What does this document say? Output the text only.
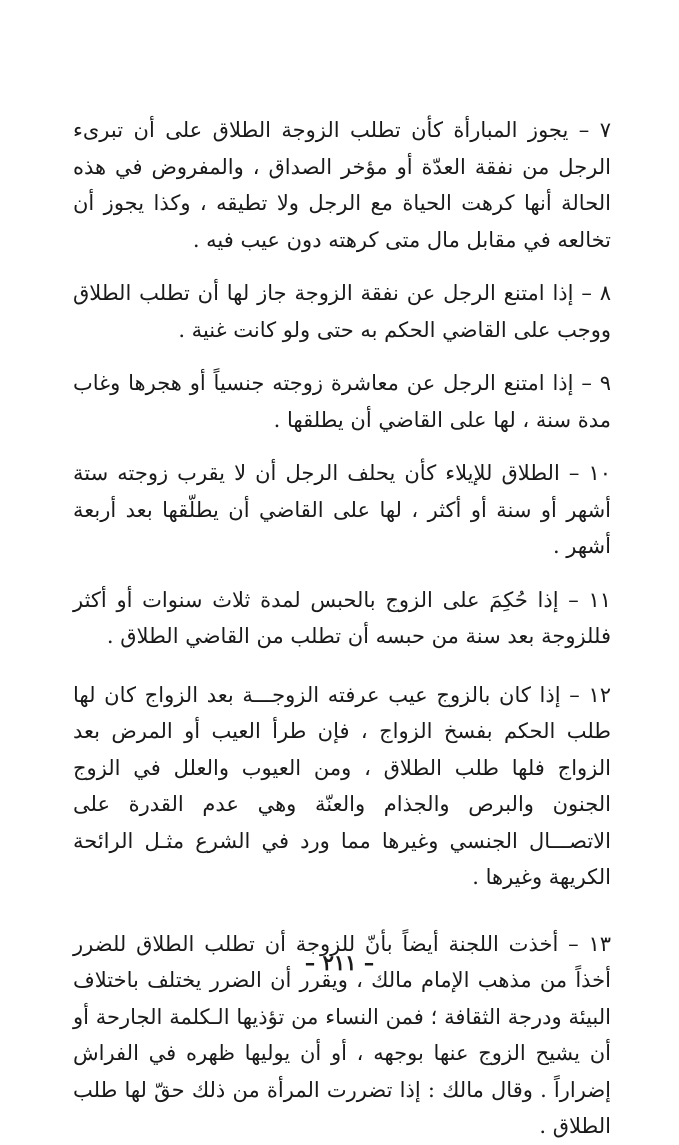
٧ – يجوز المبارأة كأن تطلب الزوجة الطلاق على أن تبرىء الرجل من نفقة العدّة أو مؤخر الصداق ، والمفروض في هذه الحالة أنها كرهت الحياة مع الرجل ولا تطيقه ، وكذا يجوز أن تخالعه في مقابل مال متى كرهته دون عيب فيه .

٨ – إذا امتنع الرجل عن نفقة الزوجة جاز لها أن تطلب الطلاق ووجب على القاضي الحكم به حتى ولو كانت غنية .

٩ – إذا امتنع الرجل عن معاشرة زوجته جنسياً أو هجرها وغاب مدة سنة ، لها على القاضي أن يطلقها .

١٠ – الطلاق للإيلاء كأن يحلف الرجل أن لا يقرب زوجته ستة أشهر أو سنة أو أكثر ، لها على القاضي أن يطلّقها بعد أربعة أشهر .

١١ – إذا حُكِمَ على الزوج بالحبس لمدة ثلاث سنوات أو أكثر فللزوجة بعد سنة من حبسه أن تطلب من القاضي الطلاق .

١٢ – إذا كان بالزوج عيب عرفته الزوجـــة بعد الزواج كان لها طلب الحكم بفسخ الزواج ، فإن طرأ العيب أو المرض بعد الزواج فلها طلب الطلاق ، ومن العيوب والعلل في الزوج الجنون والبرص والجذام والعنّة وهي عدم القدرة على الاتصـــال الجنسي وغيرها مما ورد في الشرع مثـل الرائحة الكريهة وغيرها .

١٣ – أخذت اللجنة أيضاً بأنّ للزوجة أن تطلب الطلاق للضرر أخذاً من مذهب الإمام مالك ، ويقرر أن الضرر يختلف باختلاف البيئة ودرجة الثقافة ؛ فمن النساء من تؤذيها الـكلمة الجارحة أو أن يشيح الزوج عنها بوجهه ، أو أن يوليها ظهره في الفراش إضراراً . وقال مالك : إذا تضررت المرأة من ذلك حقّ لها طلب الطلاق .

– ٢١١ –
